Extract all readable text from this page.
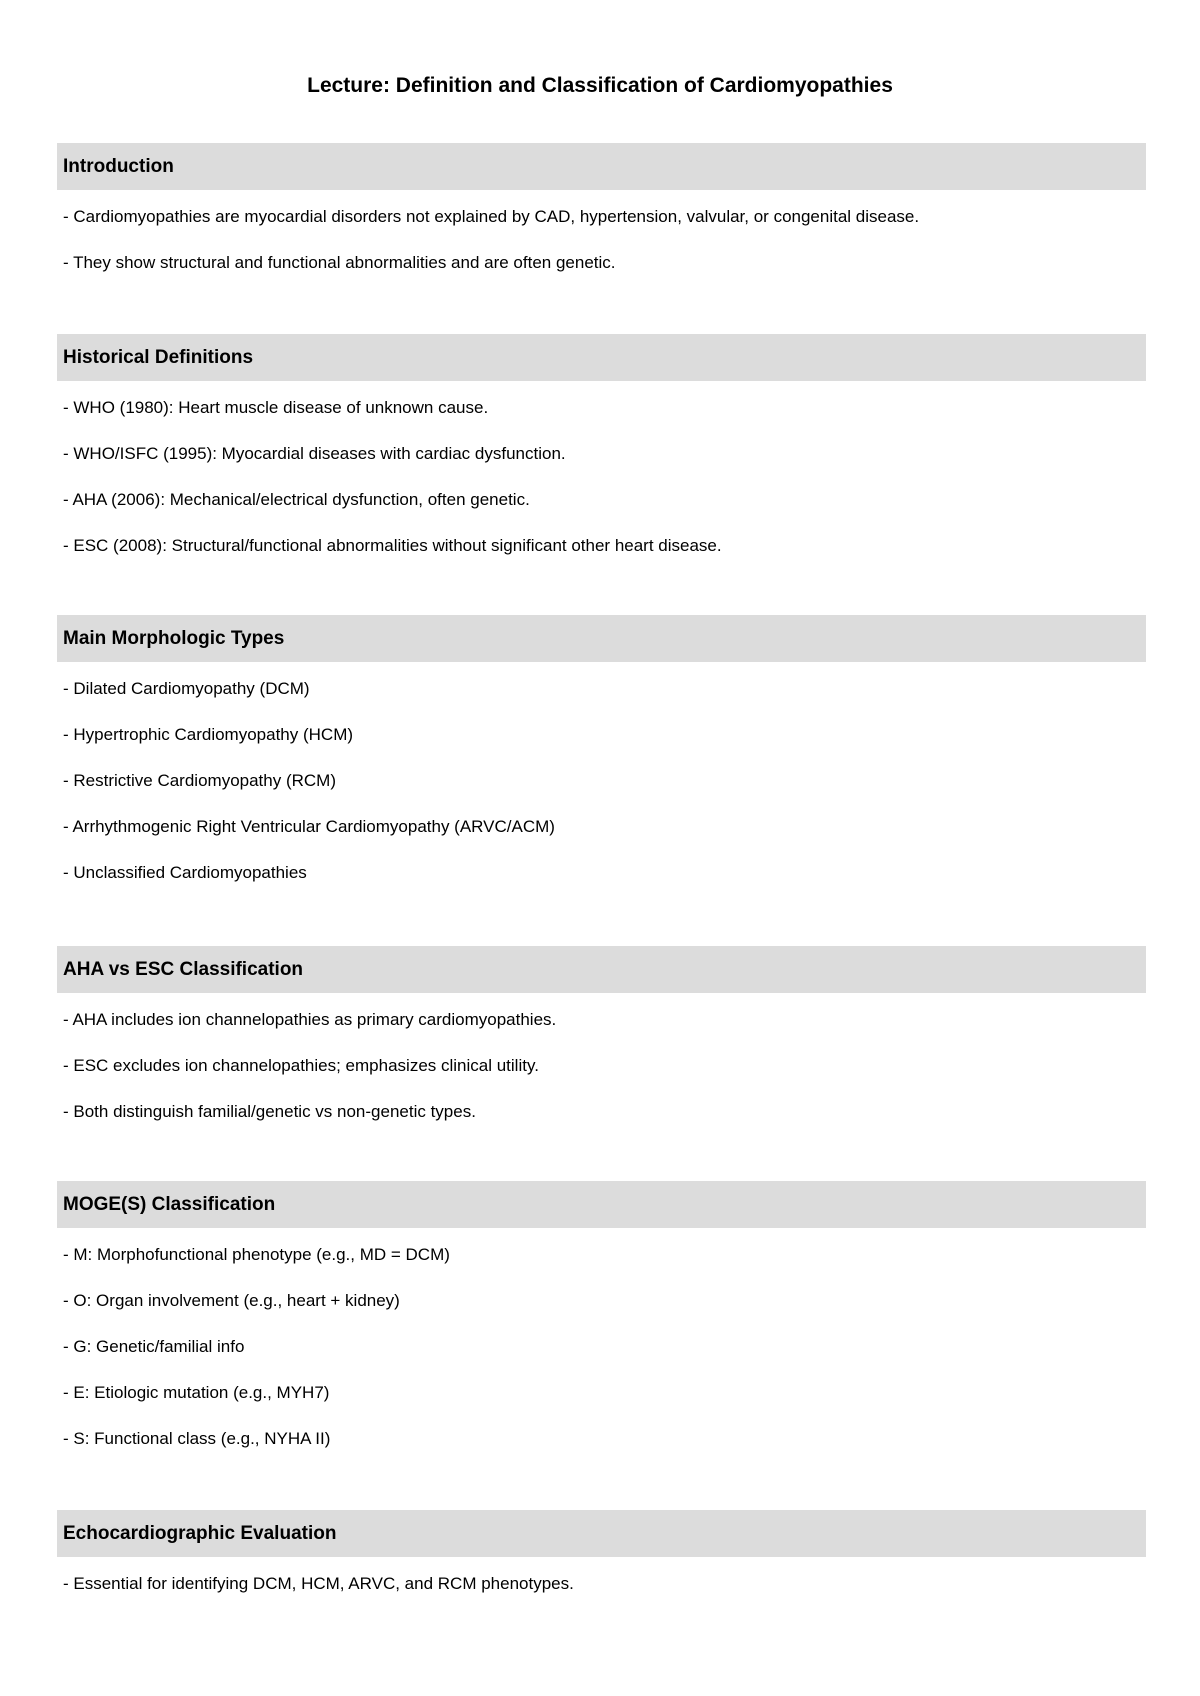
Lecture: Definition and Classification of Cardiomyopathies
Introduction
- Cardiomyopathies are myocardial disorders not explained by CAD, hypertension, valvular, or congenital disease.
- They show structural and functional abnormalities and are often genetic.
Historical Definitions
- WHO (1980): Heart muscle disease of unknown cause.
- WHO/ISFC (1995): Myocardial diseases with cardiac dysfunction.
- AHA (2006): Mechanical/electrical dysfunction, often genetic.
- ESC (2008): Structural/functional abnormalities without significant other heart disease.
Main Morphologic Types
- Dilated Cardiomyopathy (DCM)
- Hypertrophic Cardiomyopathy (HCM)
- Restrictive Cardiomyopathy (RCM)
- Arrhythmogenic Right Ventricular Cardiomyopathy (ARVC/ACM)
- Unclassified Cardiomyopathies
AHA vs ESC Classification
- AHA includes ion channelopathies as primary cardiomyopathies.
- ESC excludes ion channelopathies; emphasizes clinical utility.
- Both distinguish familial/genetic vs non-genetic types.
MOGE(S) Classification
- M: Morphofunctional phenotype (e.g., MD = DCM)
- O: Organ involvement (e.g., heart + kidney)
- G: Genetic/familial info
- E: Etiologic mutation (e.g., MYH7)
- S: Functional class (e.g., NYHA II)
Echocardiographic Evaluation
- Essential for identifying DCM, HCM, ARVC, and RCM phenotypes.
